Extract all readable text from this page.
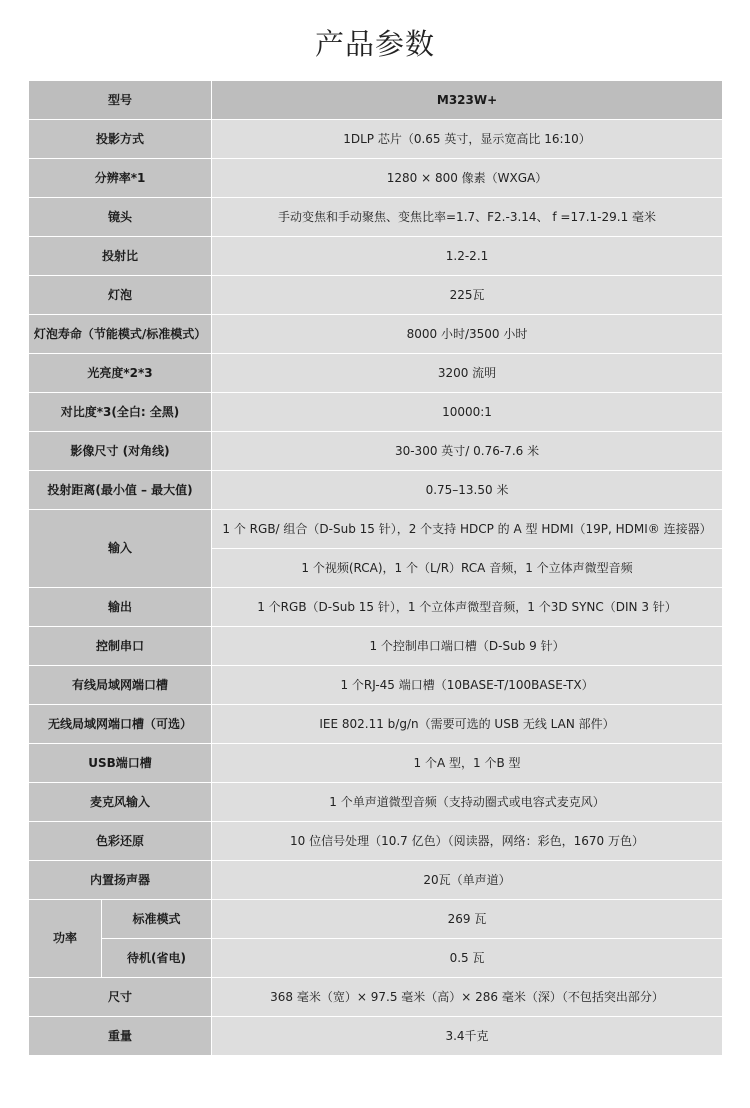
产品参数
型号		M323W+
投影方式		1DLP 芯片（0.65 英寸，显示宽高比 16:10）
分辨率*1		1280 × 800 像素（WXGA）
镜头		手动变焦和手动聚焦、变焦比率=1.7、F2.-3.14、 f =17.1-29.1 毫米
投射比		1.2-2.1
灯泡		225瓦
灯泡寿命（节能模式/标准模式）		8000 小时/3500 小时
光亮度*2*3		3200 流明
对比度*3(全白: 全黑)		10000:1
影像尺寸 (对角线)		30-300 英寸/ 0.76-7.6 米
投射距离(最小值 – 最大值)		0.75–13.50 米
输入		1 个 RGB/ 组合（D-Sub 15 针），2 个支持 HDCP 的 A 型 HDMI（19P, HDMI® 连接器）
		1 个视频(RCA)，1 个（L/R）RCA 音频，1 个立体声微型音频
输出		1 个RGB（D-Sub 15 针），1 个立体声微型音频，1 个3D SYNC（DIN 3 针）
控制串口		1 个控制串口端口槽（D-Sub 9 针）
有线局域网端口槽		1 个RJ-45 端口槽（10BASE-T/100BASE-TX）
无线局域网端口槽（可选）		IEE 802.11 b/g/n（需要可选的 USB 无线 LAN 部件）
USB端口槽		1 个A 型，1 个B 型
麦克风输入		1 个单声道微型音频（支持动圈式或电容式麦克风）
色彩还原		10 位信号处理（10.7 亿色）（阅读器，网络：彩色，1670 万色）
内置扬声器		20瓦（单声道）
功率	标准模式	269 瓦
	待机(省电)	0.5 瓦
尺寸		368 毫米（宽）× 97.5 毫米（高）× 286 毫米（深）（不包括突出部分）
重量		3.4千克
